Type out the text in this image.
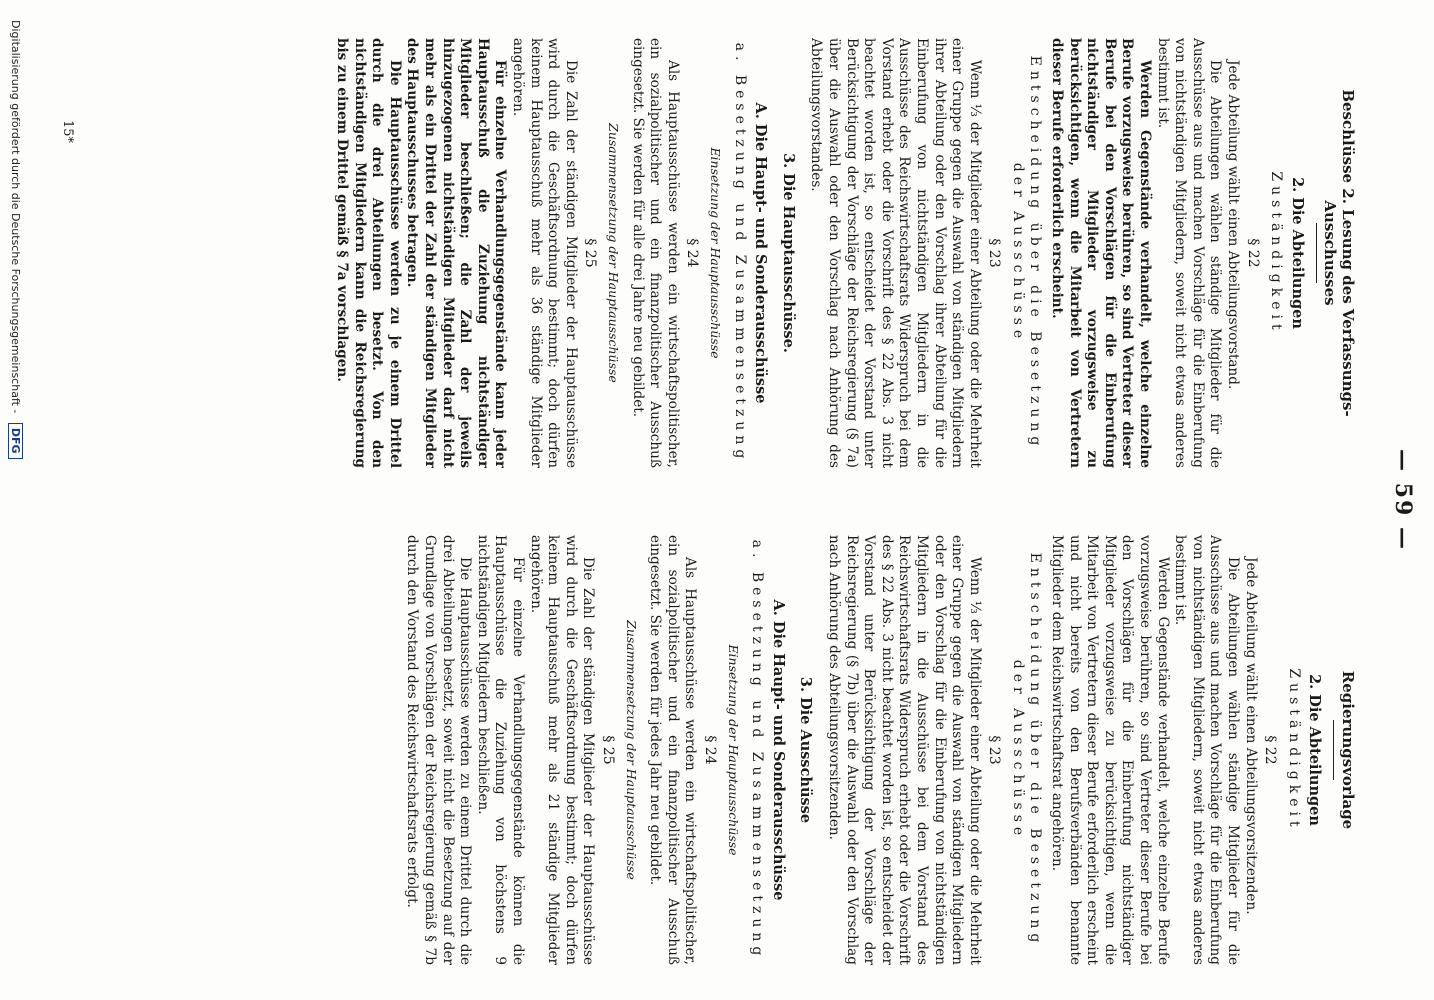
— 59 —
Beschlüsse 2. Lesung des Verfassungs-Ausschusses
2. Die Abteilungen
Zuständigkeit
§ 22

Jede Abteilung wählt einen Abteilungsvorstand.

Die Abteilungen wählen ständige Mitglieder für die Ausschüsse aus und machen Vorschläge für die Einberufung von nichtständigen Mitgliedern, soweit nicht etwas anderes bestimmt ist.

Werden Gegenstände verhandelt, welche einzelne Berufe vorzugsweise berühren, so sind Vertreter dieser Berufe bei den Vorschlägen für die Einberufung nichtständiger Mitglieder vorzugsweise zu berücksichtigen, wenn die Mitarbeit von Vertretern dieser Berufe erforderlich erscheint.

Entscheidung über die Besetzung der Ausschüsse
§ 23

Wenn ⅓ der Mitglieder einer Abteilung oder die Mehrheit einer Gruppe gegen die Auswahl von ständigen Mitgliedern ihrer Abteilung oder den Vorschlag ihrer Abteilung für die Einberufung von nichtständigen Mitgliedern in die Ausschüsse des Reichswirtschaftsrats Widerspruch bei dem Vorstand erhebt oder die Vorschrift des § 22 Abs. 3 nicht beachtet worden ist, so entscheidet der Vorstand unter Berücksichtigung der Vorschläge der Reichsregierung (§ 7a) über die Auswahl oder den Vorschlag nach Anhörung des Abteilungsvorstandes.

3. Die Hauptausschüsse.
A. Die Haupt- und Sonderausschüsse
a. Besetzung und Zusammensetzung
Einsetzung der Hauptausschüsse
§ 24

Als Hauptausschüsse werden ein wirtschaftspolitischer, ein sozialpolitischer und ein finanzpolitischer Ausschuß eingesetzt. Sie werden für alle drei Jahre neu gebildet.

Zusammensetzung der Hauptausschüsse
§ 25

Die Zahl der ständigen Mitglieder der Hauptausschüsse wird durch die Geschäftsordnung bestimmt; doch dürfen keinem Hauptausschuß mehr als 36 ständige Mitglieder angehören.

Für einzelne Verhandlungsgegenstände kann jeder Hauptausschuß die Zuziehung nichtständiger Mitglieder beschließen; die Zahl der jeweils hinzugezogenen nichtständigen Mitglieder darf nicht mehr als ein Drittel der Zahl der ständigen Mitglieder des Hauptausschusses betragen.

Die Hauptausschüsse werden zu je einem Drittel durch die drei Abteilungen besetzt. Von den nichtständigen Mitgliedern kann die Reichsregierung bis zu einem Drittel gemäß § 7a vorschlagen.

Regierungsvorlage
2. Die Abteilungen
Zuständigkeit
§ 22

Jede Abteilung wählt einen Abteilungsvorsitzenden.

Die Abteilungen wählen ständige Mitglieder für die Ausschüsse aus und machen Vorschläge für die Einberufung von nichtständigen Mitgliedern, soweit nicht etwas anderes bestimmt ist.

Werden Gegenstände verhandelt, welche einzelne Berufe vorzugsweise berühren, so sind Vertreter dieser Berufe bei den Vorschlägen für die Einberufung nichtständiger Mitglieder vorzugsweise zu berücksichtigen, wenn die Mitarbeit von Vertretern dieser Berufe erforderlich erscheint und nicht bereits von den Berufsverbänden benannte Mitglieder dem Reichswirtschaftsrat angehören.

Entscheidung über die Besetzung der Ausschüsse
§ 23

Wenn ⅓ der Mitglieder einer Abteilung oder die Mehrheit einer Gruppe gegen die Auswahl von ständigen Mitgliedern oder den Vorschlag für die Einberufung von nichtständigen Mitgliedern in die Ausschüsse bei dem Vorstand des Reichswirtschaftsrats Widerspruch erhebt oder die Vorschrift des § 22 Abs. 3 nicht beachtet worden ist, so entscheidet der Vorstand unter Berücksichtigung der Vorschläge der Reichsregierung (§ 7b) über die Auswahl oder den Vorschlag nach Anhörung des Abteilungsvorsitzenden.

3. Die Ausschüsse
A. Die Haupt- und Sonderausschüsse
a. Besetzung und Zusammensetzung
Einsetzung der Hauptausschüsse
§ 24

Als Hauptausschüsse werden ein wirtschaftspolitischer, ein sozialpolitischer und ein finanzpolitischer Ausschuß eingesetzt. Sie werden für jedes Jahr neu gebildet.

Zusammensetzung der Hauptausschüsse
§ 25

Die Zahl der ständigen Mitglieder der Hauptausschüsse wird durch die Geschäftsordnung bestimmt; doch dürfen keinem Hauptausschuß mehr als 21 ständige Mitglieder angehören.

Für einzelne Verhandlungsgegenstände können die Hauptausschüsse die Zuziehung von höchstens 9 nichtständigen Mitgliedern beschließen.

Die Hauptausschüsse werden zu einem Drittel durch die drei Abteilungen besetzt, soweit nicht die Besetzung auf der Grundlage von Vorschlägen der Reichsregierung gemäß § 7b durch den Vorstand des Reichswirtschaftsrats erfolgt.

15*
Digitalisierung gefördert durch die Deutsche Forschungsgemeinschaft - DFG
